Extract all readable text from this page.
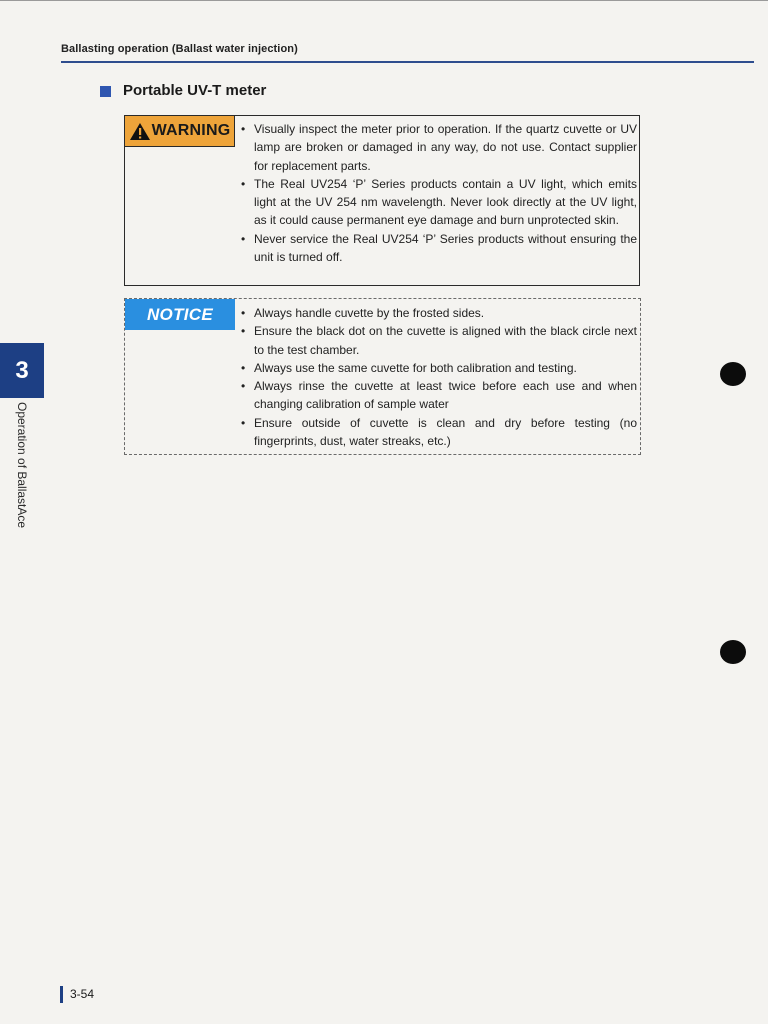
Ballasting operation (Ballast water injection)
Portable UV-T meter
WARNING	• Visually inspect the meter prior to operation. If the quartz cuvette or UV lamp are broken or damaged in any way, do not use. Contact supplier for replacement parts.
• The Real UV254 ‘P’ Series products contain a UV light, which emits light at the UV 254 nm wavelength. Never look directly at the UV light, as it could cause permanent eye damage and burn unprotected skin.
• Never service the Real UV254 ‘P’ Series products without ensuring the unit is turned off.
NOTICE	• Always handle cuvette by the frosted sides.
• Ensure the black dot on the cuvette is aligned with the black circle next to the test chamber.
• Always use the same cuvette for both calibration and testing.
• Always rinse the cuvette at least twice before each use and when changing calibration of sample water
• Ensure outside of cuvette is clean and dry before testing (no fingerprints, dust, water streaks, etc.)
3
Operation of BallastAce
3-54
